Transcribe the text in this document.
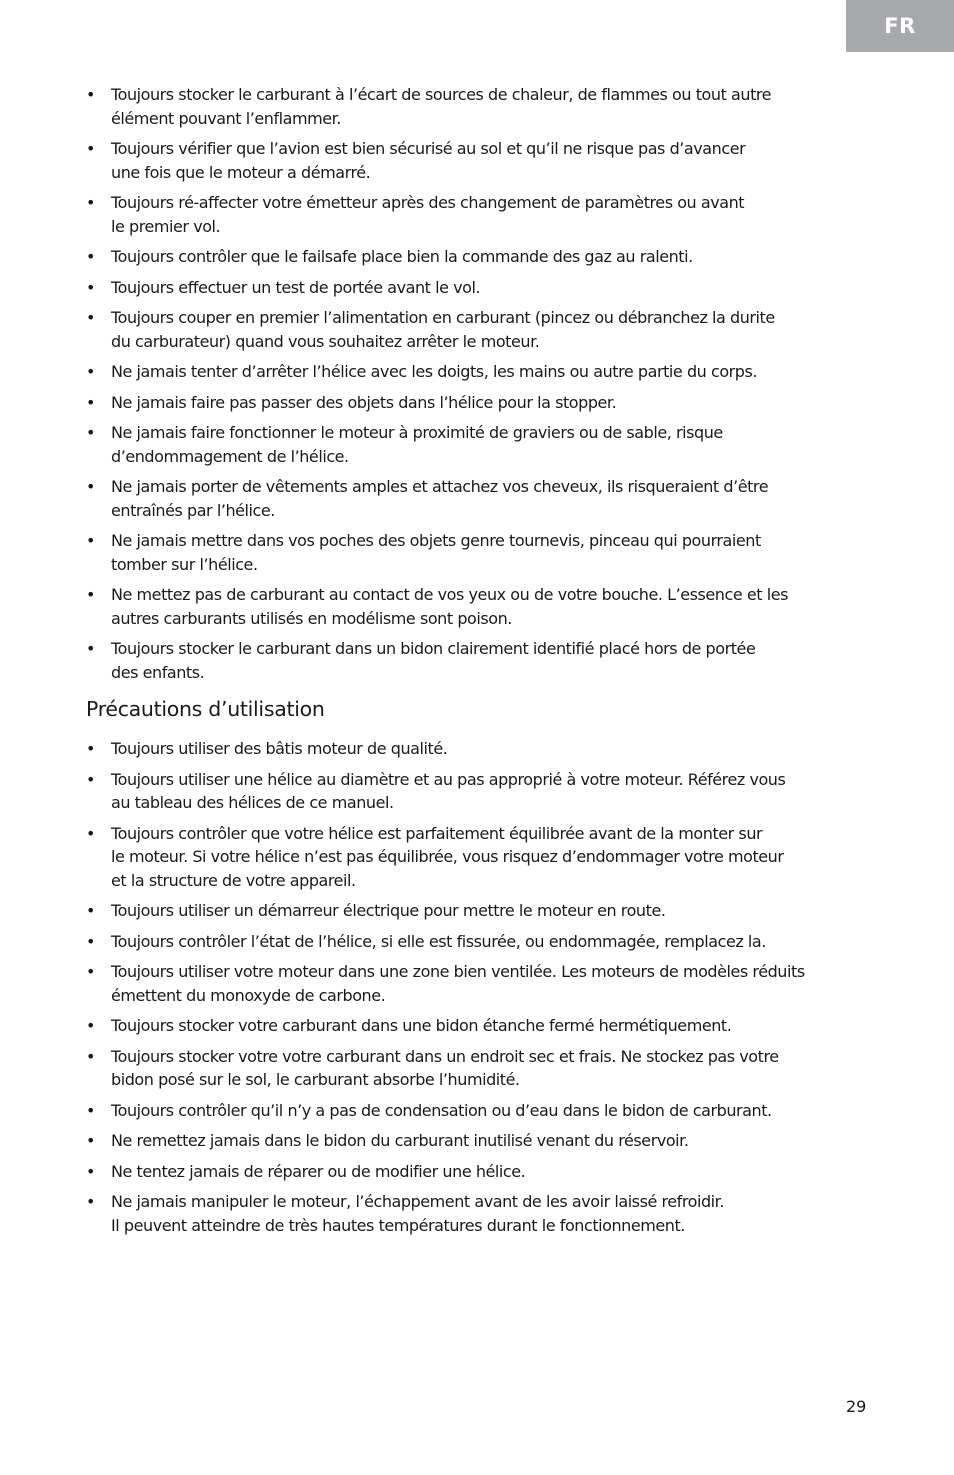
FR
• Toujours stocker le carburant à l’écart de sources de chaleur, de flammes ou tout autre
élément pouvant l’enflammer.
• Toujours vérifier que l’avion est bien sécurisé au sol et qu’il ne risque pas d’avancer
une fois que le moteur a démarré.
• Toujours ré-affecter votre émetteur après des changement de paramètres ou avant
le premier vol.
• Toujours contrôler que le failsafe place bien la commande des gaz au ralenti.
• Toujours effectuer un test de portée avant le vol.
• Toujours couper en premier l’alimentation en carburant (pincez ou débranchez la durite
du carburateur) quand vous souhaitez arrêter le moteur.
• Ne jamais tenter d’arrêter l’hélice avec les doigts, les mains ou autre partie du corps.
• Ne jamais faire pas passer des objets dans l’hélice pour la stopper.
• Ne jamais faire fonctionner le moteur à proximité de graviers ou de sable, risque
d’endommagement de l’hélice.
• Ne jamais porter de vêtements amples et attachez vos cheveux, ils risqueraient d’être
entraînés par l’hélice.
• Ne jamais mettre dans vos poches des objets genre tournevis, pinceau qui pourraient
tomber sur l’hélice.
• Ne mettez pas de carburant au contact de vos yeux ou de votre bouche. L’essence et les
autres carburants utilisés en modélisme sont poison.
• Toujours stocker le carburant dans un bidon clairement identifié placé hors de portée
des enfants.
Précautions d’utilisation
• Toujours utiliser des bâtis moteur de qualité.
• Toujours utiliser une hélice au diamètre et au pas approprié à votre moteur. Référez vous
au tableau des hélices de ce manuel.
• Toujours contrôler que votre hélice est parfaitement équilibrée avant de la monter sur
le moteur. Si votre hélice n’est pas équilibrée, vous risquez d’endommager votre moteur
et la structure de votre appareil.
• Toujours utiliser un démarreur électrique pour mettre le moteur en route.
• Toujours contrôler l’état de l’hélice, si elle est fissurée, ou endommagée, remplacez la.
• Toujours utiliser votre moteur dans une zone bien ventilée. Les moteurs de modèles réduits
émettent du monoxyde de carbone.
• Toujours stocker votre carburant dans une bidon étanche fermé hermétiquement.
• Toujours stocker votre votre carburant dans un endroit sec et frais. Ne stockez pas votre
bidon posé sur le sol, le carburant absorbe l’humidité.
• Toujours contrôler qu’il n’y a pas de condensation ou d’eau dans le bidon de carburant.
• Ne remettez jamais dans le bidon du carburant inutilisé venant du réservoir.
• Ne tentez jamais de réparer ou de modifier une hélice.
• Ne jamais manipuler le moteur, l’échappement avant de les avoir laissé refroidir.
Il peuvent atteindre de très hautes températures durant le fonctionnement.
29
